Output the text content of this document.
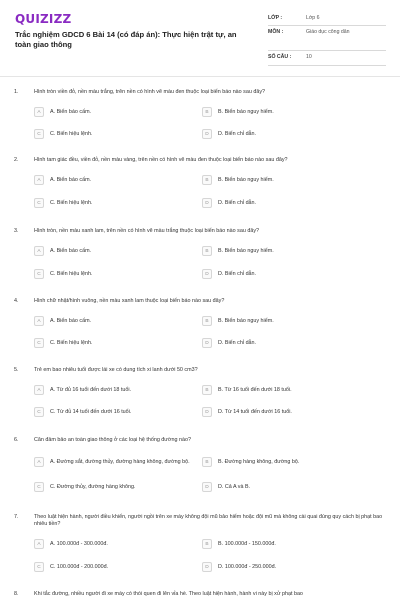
QUIZIZZ
Trắc nghiệm GDCD 6 Bài 14 (có đáp án): Thực hiện trật tự, an toàn giao thông
LỚP :	Lớp 6
MÔN :	Giáo dục công dân
SỐ CÂU :	10
1.	Hình tròn viền đỏ, nền màu trắng, trên nền có hình vẽ màu đen thuộc loại biển báo nào sau đây?
A	A. Biển báo cấm.	B	B. Biển báo nguy hiểm.
C	C. Biển hiệu lệnh.	D	D. Biển chỉ dẫn.
2.	Hình tam giác đều, viền đỏ, nền màu vàng, trên nền có hình vẽ màu đen thuộc loại biển báo nào sau đây?
A	A. Biển báo cấm.	B	B. Biển báo nguy hiểm.
C	C. Biển hiệu lệnh.	D	D. Biển chỉ dẫn.
3.	Hình tròn, nền màu xanh lam, trên nền có hình vẽ màu trắng thuộc loại biển báo nào sau đây?
A	A. Biển báo cấm.	B	B. Biển báo nguy hiểm.
C	C. Biển hiệu lệnh.	D	D. Biển chỉ dẫn.
4.	Hình chữ nhật/hình vuông, nền màu xanh lam thuộc loại biển báo nào sau đây?
A	A. Biển báo cấm.	B	B. Biển báo nguy hiểm.
C	C. Biển hiệu lệnh.	D	D. Biển chỉ dẫn.
5.	Trẻ em bao nhiêu tuổi được lái xe có dung tích xi lanh dưới 50 cm3?
A	A. Từ đủ 16 tuổi đến dưới 18 tuổi.	B	B. Từ 16 tuổi đến dưới 18 tuổi.
C	C. Từ đủ 14 tuổi đến dưới 16 tuổi.	D	D. Từ 14 tuổi đến dưới 16 tuổi.
6.	Căn đảm bảo an toàn giao thông ở các loại hệ thống đường nào?
A	A. Đường sắt, đường thủy, đường hàng không, đường bộ.	B	B. Đường hàng không, đường bộ.
C	C. Đường thủy, đường hàng không.	D	D. Cả A và B.
7.	Theo luật hiện hành, người điều khiển, người ngồi trên xe máy không đội mũ bảo hiểm hoặc đội mũ mà không cài quai đúng quy cách bị phạt bao nhiêu tiền?
A	A. 100.000đ - 300.000đ.	B	B. 100.000đ - 150.000đ.
C	C. 100.000đ - 200.000đ.	D	D. 100.000đ - 250.000đ.
8.	Khi tắc đường, nhiều người đi xe máy có thói quen đi lên vỉa hè. Theo luật hiện hành, hành vi này bị xử phạt bao
